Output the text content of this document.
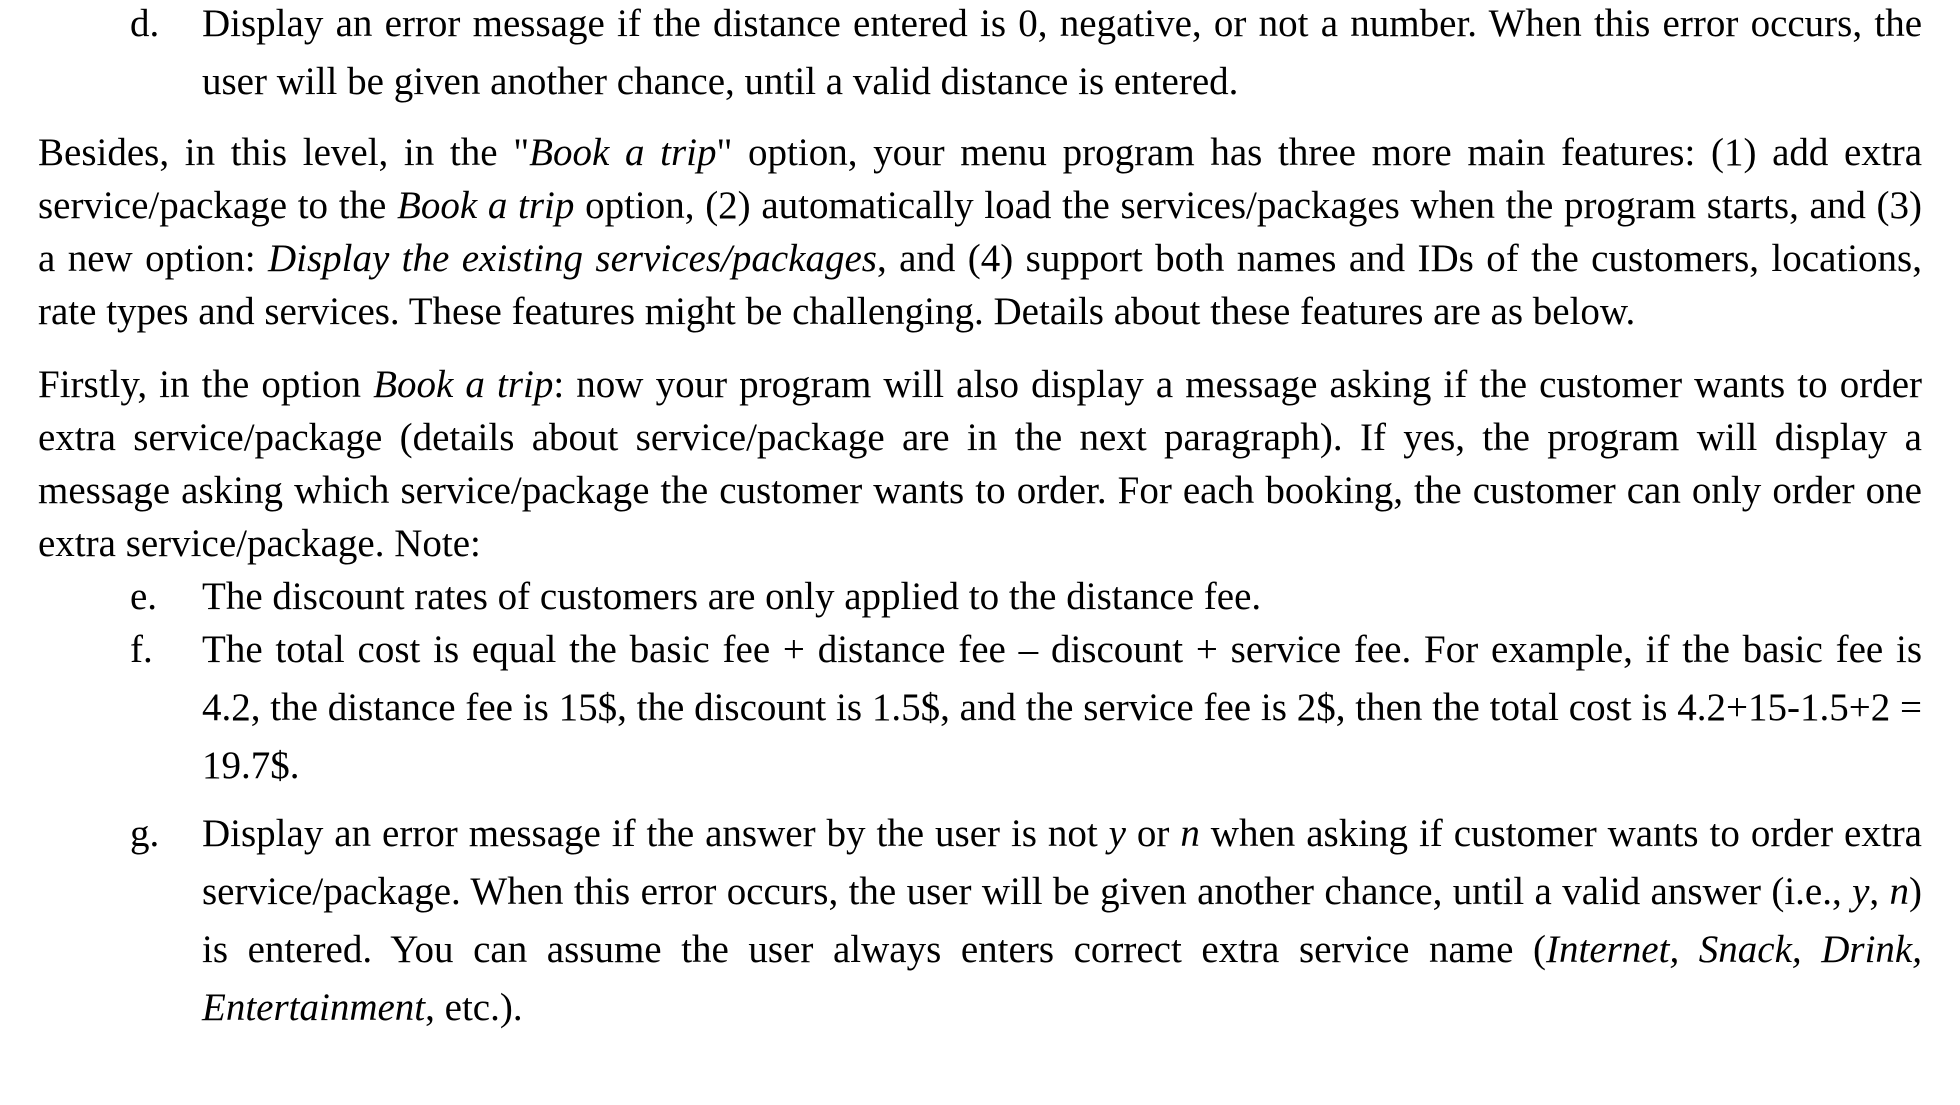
d.	Display an error message if the distance entered is 0, negative, or not a number. When this error occurs, the user will be given another chance, until a valid distance is entered.

Besides, in this level, in the "Book a trip" option, your menu program has three more main features: (1) add extra service/package to the Book a trip option, (2) automatically load the services/packages when the program starts, and (3) a new option: Display the existing services/packages, and (4) support both names and IDs of the customers, locations, rate types and services. These features might be challenging. Details about these features are as below.

Firstly, in the option Book a trip: now your program will also display a message asking if the customer wants to order extra service/package (details about service/package are in the next paragraph). If yes, the program will display a message asking which service/package the customer wants to order. For each booking, the customer can only order one extra service/package. Note:

e.	The discount rates of customers are only applied to the distance fee.
f.	The total cost is equal the basic fee + distance fee – discount + service fee. For example, if the basic fee is 4.2, the distance fee is 15$, the discount is 1.5$, and the service fee is 2$, then the total cost is 4.2+15-1.5+2 = 19.7$.
g.	Display an error message if the answer by the user is not y or n when asking if customer wants to order extra service/package. When this error occurs, the user will be given another chance, until a valid answer (i.e., y, n) is entered. You can assume the user always enters correct extra service name (Internet, Snack, Drink, Entertainment, etc.).
